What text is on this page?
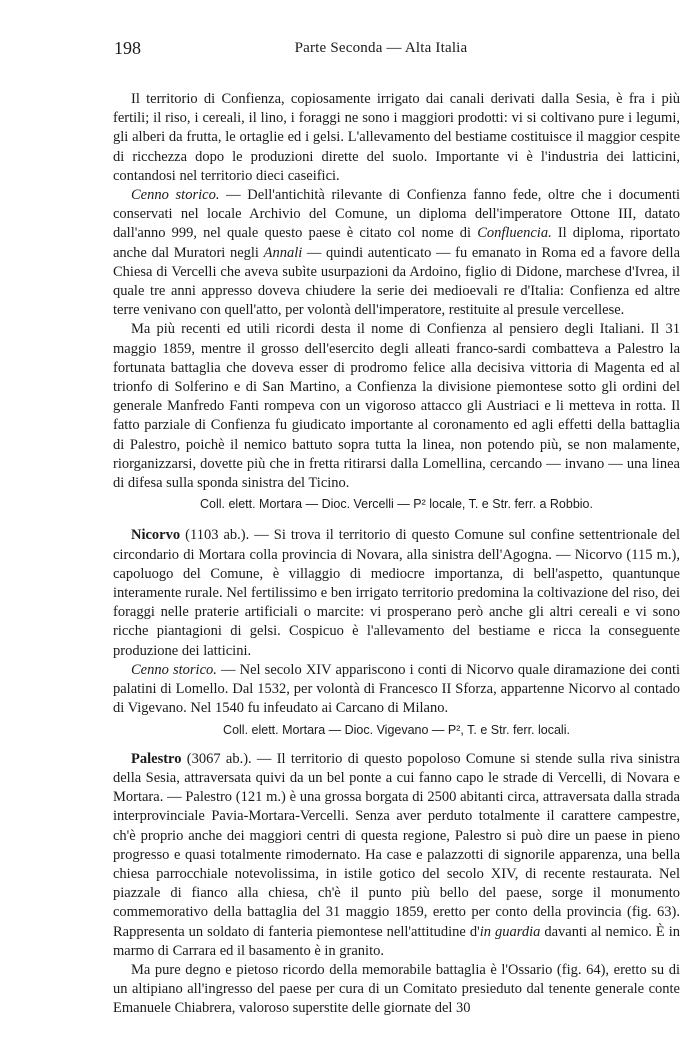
198	Parte Seconda — Alta Italia

Il territorio di Confienza, copiosamente irrigato dai canali derivati dalla Sesia, è fra i più fertili; il riso, i cereali, il lino, i foraggi ne sono i maggiori prodotti: vi si coltivano pure i legumi, gli alberi da frutta, le ortaglie ed i gelsi. L'allevamento del bestiame costituisce il maggior cespite di ricchezza dopo le produzioni dirette del suolo. Importante vi è l'industria dei latticini, contandosi nel territorio dieci caseifici.

Cenno storico. — Dell'antichità rilevante di Confienza fanno fede, oltre che i documenti conservati nel locale Archivio del Comune, un diploma dell'imperatore Ottone III, datato dall'anno 999, nel quale questo paese è citato col nome di Confluencia. Il diploma, riportato anche dal Muratori negli Annali — quindi autenticato — fu emanato in Roma ed a favore della Chiesa di Vercelli che aveva subìte usurpazioni da Ardoino, figlio di Didone, marchese d'Ivrea, il quale tre anni appresso doveva chiudere la serie dei medioevali re d'Italia: Confienza ed altre terre venivano con quell'atto, per volontà dell'imperatore, restituite al presule vercellese.

Ma più recenti ed utili ricordi desta il nome di Confienza al pensiero degli Italiani. Il 31 maggio 1859, mentre il grosso dell'esercito degli alleati franco-sardi combatteva a Palestro la fortunata battaglia che doveva esser di prodromo felice alla decisiva vittoria di Magenta ed al trionfo di Solferino e di San Martino, a Confienza la divisione piemontese sotto gli ordini del generale Manfredo Fanti rompeva con un vigoroso attacco gli Austriaci e li metteva in rotta. Il fatto parziale di Confienza fu giudicato importante al coronamento ed agli effetti della battaglia di Palestro, poichè il nemico battuto sopra tutta la linea, non potendo più, se non malamente, riorganizzarsi, dovette più che in fretta ritirarsi dalla Lomellina, cercando — invano — una linea di difesa sulla sponda sinistra del Ticino.

Coll. elett. Mortara — Dioc. Vercelli — P² locale, T. e Str. ferr. a Robbio.

Nicorvo (1103 ab.). — Si trova il territorio di questo Comune sul confine settentrionale del circondario di Mortara colla provincia di Novara, alla sinistra dell'Agogna. — Nicorvo (115 m.), capoluogo del Comune, è villaggio di mediocre importanza, di bell'aspetto, quantunque interamente rurale. Nel fertilissimo e ben irrigato territorio predomina la coltivazione del riso, dei foraggi nelle praterie artificiali o marcite: vi prosperano però anche gli altri cereali e vi sono ricche piantagioni di gelsi. Cospicuo è l'allevamento del bestiame e ricca la conseguente produzione dei latticini.

Cenno storico. — Nel secolo XIV appariscono i conti di Nicorvo quale diramazione dei conti palatini di Lomello. Dal 1532, per volontà di Francesco II Sforza, appartenne Nicorvo al contado di Vigevano. Nel 1540 fu infeudato ai Carcano di Milano.

Coll. elett. Mortara — Dioc. Vigevano — P², T. e Str. ferr. locali.

Palestro (3067 ab.). — Il territorio di questo popoloso Comune si stende sulla riva sinistra della Sesia, attraversata quivi da un bel ponte a cui fanno capo le strade di Vercelli, di Novara e Mortara. — Palestro (121 m.) è una grossa borgata di 2500 abitanti circa, attraversata dalla strada interprovinciale Pavia-Mortara-Vercelli. Senza aver perduto totalmente il carattere campestre, ch'è proprio anche dei maggiori centri di questa regione, Palestro si può dire un paese in pieno progresso e quasi totalmente rimodernato. Ha case e palazzotti di signorile apparenza, una bella chiesa parrocchiale notevolissima, in istile gotico del secolo XIV, di recente restaurata. Nel piazzale di fianco alla chiesa, ch'è il punto più bello del paese, sorge il monumento commemorativo della battaglia del 31 maggio 1859, eretto per conto della provincia (fig. 63). Rappresenta un soldato di fanteria piemontese nell'attitudine d'in guardia davanti al nemico. È in marmo di Carrara ed il basamento è in granito.

Ma pure degno e pietoso ricordo della memorabile battaglia è l'Ossario (fig. 64), eretto su di un altipiano all'ingresso del paese per cura di un Comitato presieduto dal tenente generale conte Emanuele Chiabrera, valoroso superstite delle giornate del 30
